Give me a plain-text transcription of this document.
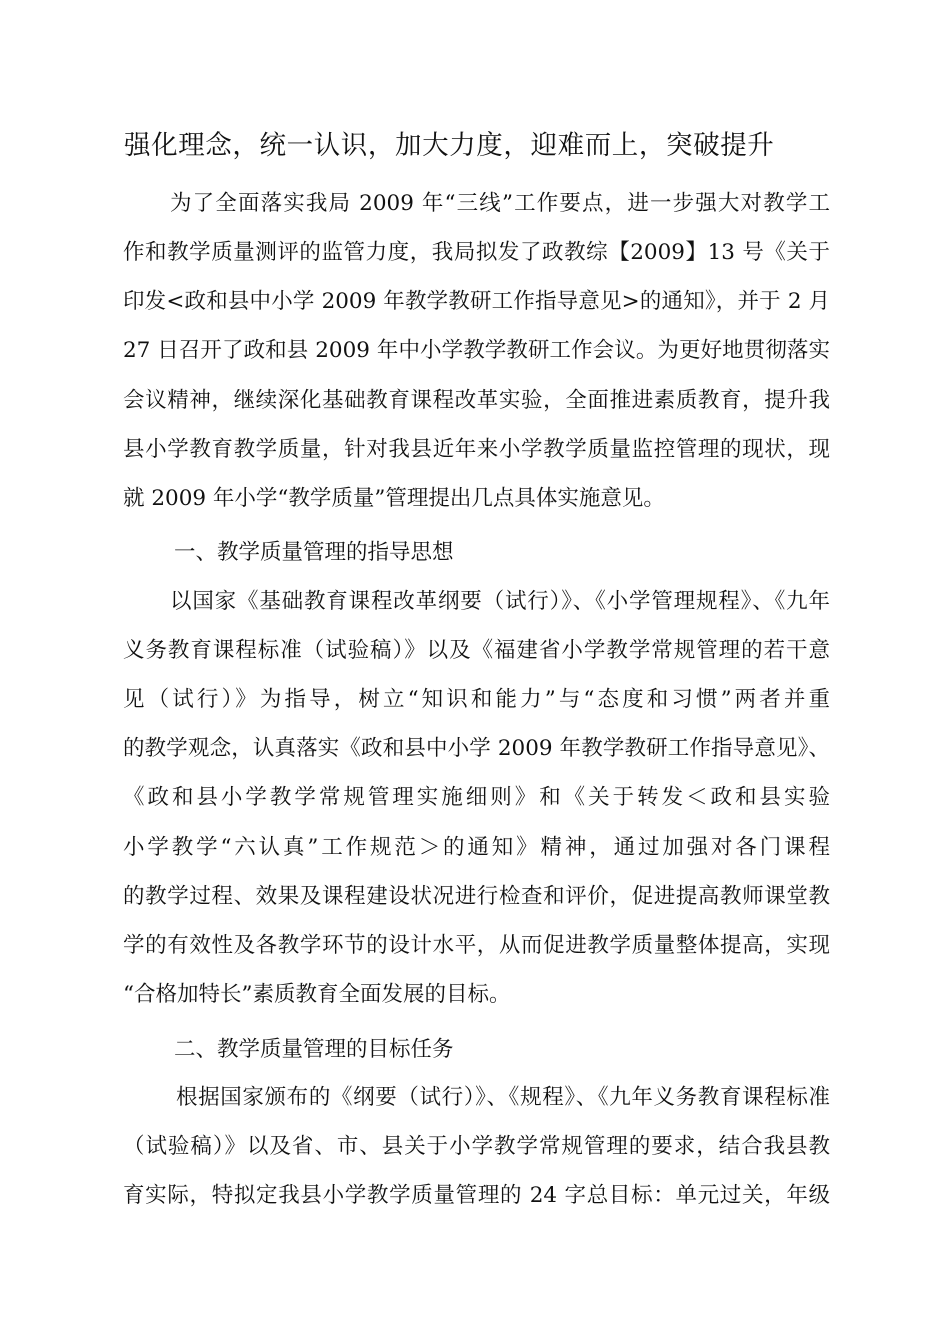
强化理念，统一认识，加大力度，迎难而上，突破提升
为了全面落实我局 2009 年“三线”工作要点，进一步强大对教学工
作和教学质量测评的监管力度，我局拟发了政教综【2009】13 号《关于
印发<政和县中小学 2009 年教学教研工作指导意见>的通知》，并于 2 月
27 日召开了政和县 2009 年中小学教学教研工作会议。为更好地贯彻落实
会议精神，继续深化基础教育课程改革实验，全面推进素质教育，提升我
县小学教育教学质量，针对我县近年来小学教学质量监控管理的现状，现
就 2009 年小学“教学质量”管理提出几点具体实施意见。
一、教学质量管理的指导思想
以国家《基础教育课程改革纲要（试行）》、《小学管理规程》、《九年
义务教育课程标准（试验稿）》以及《福建省小学教学常规管理的若干意
见（试行）》为指导，树立“知识和能力”与“态度和习惯”两者并重
的教学观念，认真落实《政和县中小学 2009 年教学教研工作指导意见》、
《政和县小学教学常规管理实施细则》和《关于转发＜政和县实验
小学教学“六认真”工作规范＞的通知》精神，通过加强对各门课程
的教学过程、效果及课程建设状况进行检查和评价，促进提高教师课堂教
学的有效性及各教学环节的设计水平，从而促进教学质量整体提高，实现
“合格加特长”素质教育全面发展的目标。
二、教学质量管理的目标任务
根据国家颁布的《纲要（试行）》、《规程》、《九年义务教育课程标准
（试验稿）》以及省、市、县关于小学教学常规管理的要求，结合我县教
育实际，特拟定我县小学教学质量管理的 24 字总目标：单元过关，年级
